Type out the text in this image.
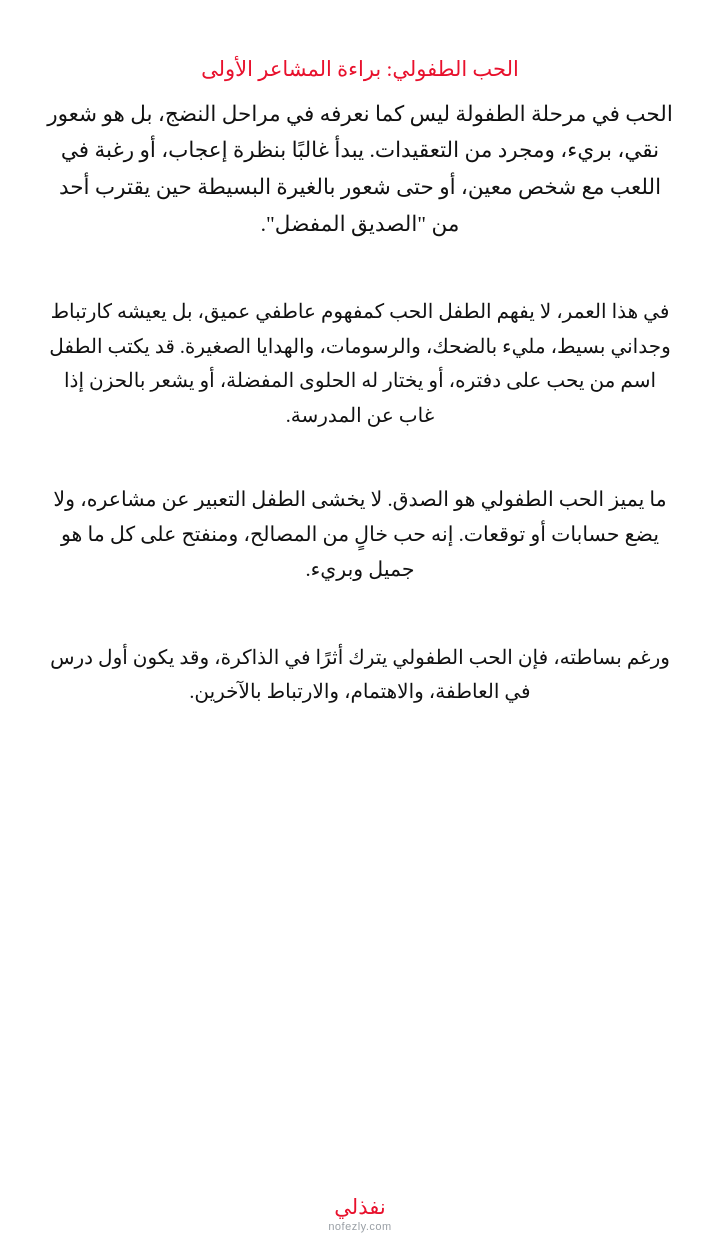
الحب الطفولي: براءة المشاعر الأولى

الحب في مرحلة الطفولة ليس كما نعرفه في مراحل النضج، بل هو شعور نقي، بريء، ومجرد من التعقيدات. يبدأ غالبًا بنظرة إعجاب، أو رغبة في اللعب مع شخص معين، أو حتى شعور بالغيرة البسيطة حين يقترب أحد من "الصديق المفضل".

في هذا العمر، لا يفهم الطفل الحب كمفهوم عاطفي عميق، بل يعيشه كارتباط وجداني بسيط، مليء بالضحك، والرسومات، والهدايا الصغيرة. قد يكتب الطفل اسم من يحب على دفتره، أو يختار له الحلوى المفضلة، أو يشعر بالحزن إذا غاب عن المدرسة.

ما يميز الحب الطفولي هو الصدق. لا يخشى الطفل التعبير عن مشاعره، ولا يضع حسابات أو توقعات. إنه حب خالٍ من المصالح، ومنفتح على كل ما هو جميل وبريء.

ورغم بساطته، فإن الحب الطفولي يترك أثرًا في الذاكرة، وقد يكون أول درس في العاطفة، والاهتمام، والارتباط بالآخرين.

نفذلي
nofezly.com
